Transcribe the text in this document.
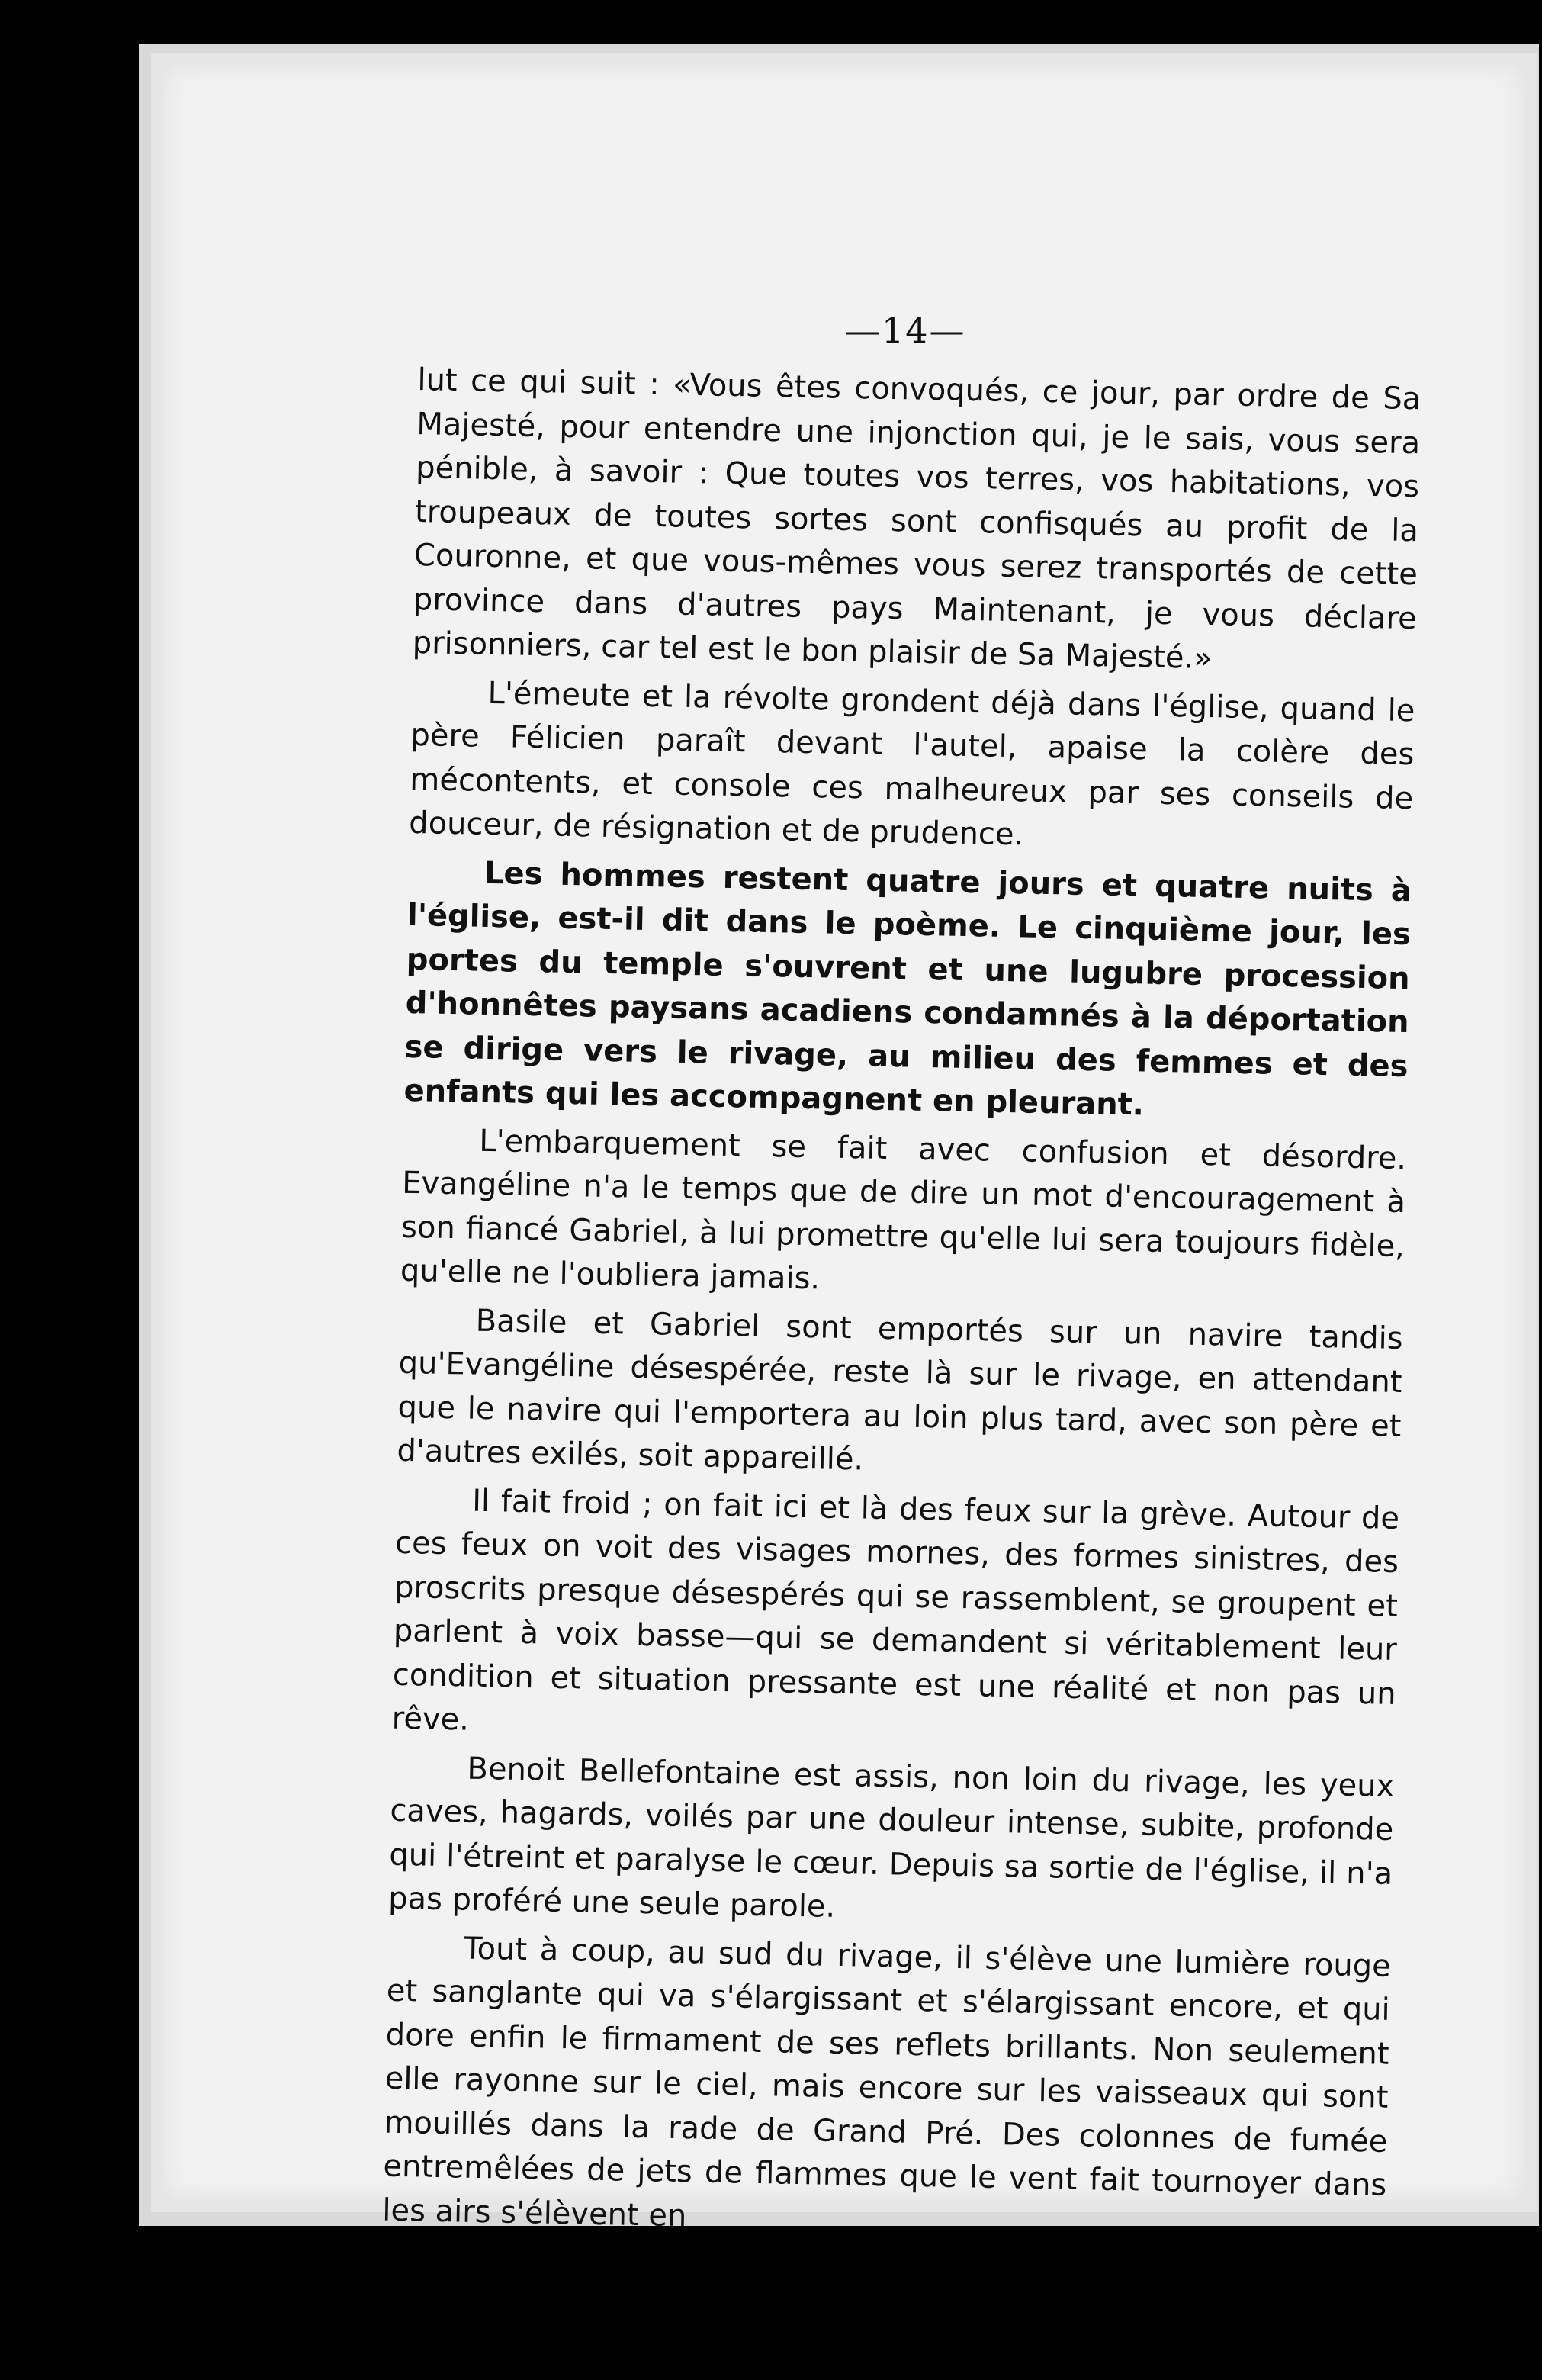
—14—

lut ce qui suit : «Vous êtes convoqués, ce jour, par ordre de Sa Majesté, pour entendre une injonction qui, je le sais, vous sera pénible, à savoir : Que toutes vos terres, vos habitations, vos troupeaux de toutes sortes sont confisqués au profit de la Couronne, et que vous-mêmes vous serez transportés de cette province dans d'autres pays Maintenant, je vous déclare prisonniers, car tel est le bon plaisir de Sa Majesté.»

L'émeute et la révolte grondent déjà dans l'église, quand le père Félicien paraît devant l'autel, apaise la colère des mécontents, et console ces malheureux par ses conseils de douceur, de résignation et de prudence.

Les hommes restent quatre jours et quatre nuits à l'église, est-il dit dans le poème. Le cinquième jour, les portes du temple s'ouvrent et une lugubre procession d'honnêtes paysans acadiens condamnés à la déportation se dirige vers le rivage, au milieu des femmes et des enfants qui les accompagnent en pleurant.

L'embarquement se fait avec confusion et désordre. Evangéline n'a le temps que de dire un mot d'encouragement à son fiancé Gabriel, à lui promettre qu'elle lui sera toujours fidèle, qu'elle ne l'oubliera jamais.

Basile et Gabriel sont emportés sur un navire tandis qu'Evangéline désespérée, reste là sur le rivage, en attendant que le navire qui l'emportera au loin plus tard, avec son père et d'autres exilés, soit appareillé.

Il fait froid ; on fait ici et là des feux sur la grève. Autour de ces feux on voit des visages mornes, des formes sinistres, des proscrits presque désespérés qui se rassemblent, se groupent et parlent à voix basse—qui se demandent si véritablement leur condition et situation pressante est une réalité et non pas un rêve.

Benoit Bellefontaine est assis, non loin du rivage, les yeux caves, hagards, voilés par une douleur intense, subite, profonde qui l'étreint et paralyse le cœur. Depuis sa sortie de l'église, il n'a pas proféré une seule parole.

Tout à coup, au sud du rivage, il s'élève une lumière rouge et sanglante qui va s'élargissant et s'élargissant encore, et qui dore enfin le firmament de ses reflets brillants. Non seulement elle rayonne sur le ciel, mais encore sur les vaisseaux qui sont mouillés dans la rade de Grand Pré. Des colonnes de fumée entremêlées de jets de flammes que le vent fait tournoyer dans les airs s'élèvent en
